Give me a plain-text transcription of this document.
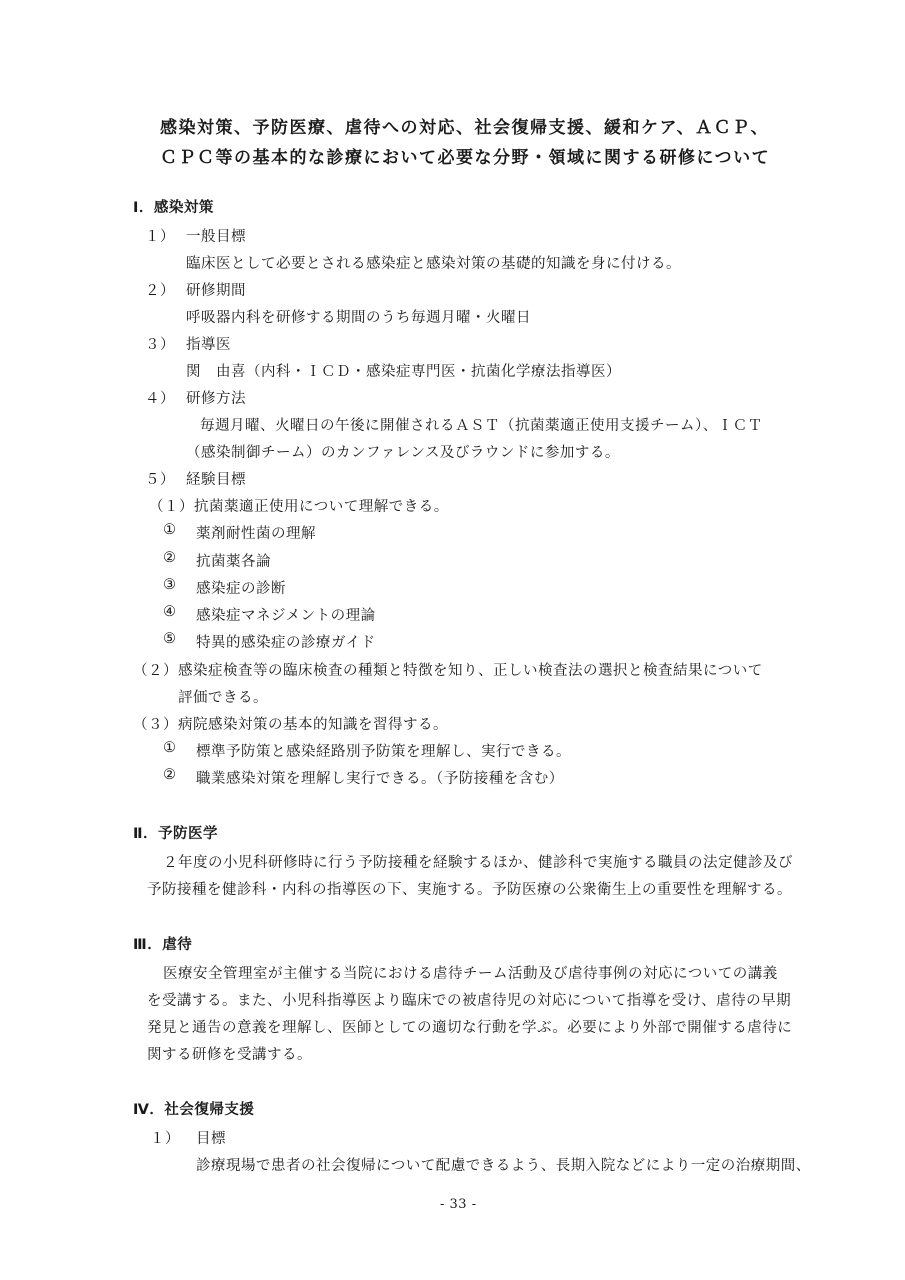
感染対策、予防医療、虐待への対応、社会復帰支援、緩和ケア、ＡＣＰ、
ＣＰＣ等の基本的な診療において必要な分野・領域に関する研修について
Ⅰ．感染対策
１） 一般目標
臨床医として必要とされる感染症と感染対策の基礎的知識を身に付ける。
２） 研修期間
呼吸器内科を研修する期間のうち毎週月曜・火曜日
３） 指導医
関　由喜（内科・ＩＣＤ・感染症専門医・抗菌化学療法指導医）
４） 研修方法
毎週月曜、火曜日の午後に開催されるＡＳＴ（抗菌薬適正使用支援チーム）、ＩＣＴ
（感染制御チーム）のカンファレンス及びラウンドに参加する。
５） 経験目標
（１）抗菌薬適正使用について理解できる。
① 薬剤耐性菌の理解
② 抗菌薬各論
③ 感染症の診断
④ 感染症マネジメントの理論
⑤ 特異的感染症の診療ガイド
（２）感染症検査等の臨床検査の種類と特徴を知り、正しい検査法の選択と検査結果について
評価できる。
（３）病院感染対策の基本的知識を習得する。
① 標準予防策と感染経路別予防策を理解し、実行できる。
② 職業感染対策を理解し実行できる。（予防接種を含む）
Ⅱ．予防医学
２年度の小児科研修時に行う予防接種を経験するほか、健診科で実施する職員の法定健診及び
予防接種を健診科・内科の指導医の下、実施する。予防医療の公衆衛生上の重要性を理解する。
Ⅲ．虐待
医療安全管理室が主催する当院における虐待チーム活動及び虐待事例の対応についての講義
を受講する。また、小児科指導医より臨床での被虐待児の対応について指導を受け、虐待の早期
発見と通告の意義を理解し、医師としての適切な行動を学ぶ。必要により外部で開催する虐待に
関する研修を受講する。
Ⅳ．社会復帰支援
１） 目標
診療現場で患者の社会復帰について配慮できるよう、長期入院などにより一定の治療期間、
- 33 -
